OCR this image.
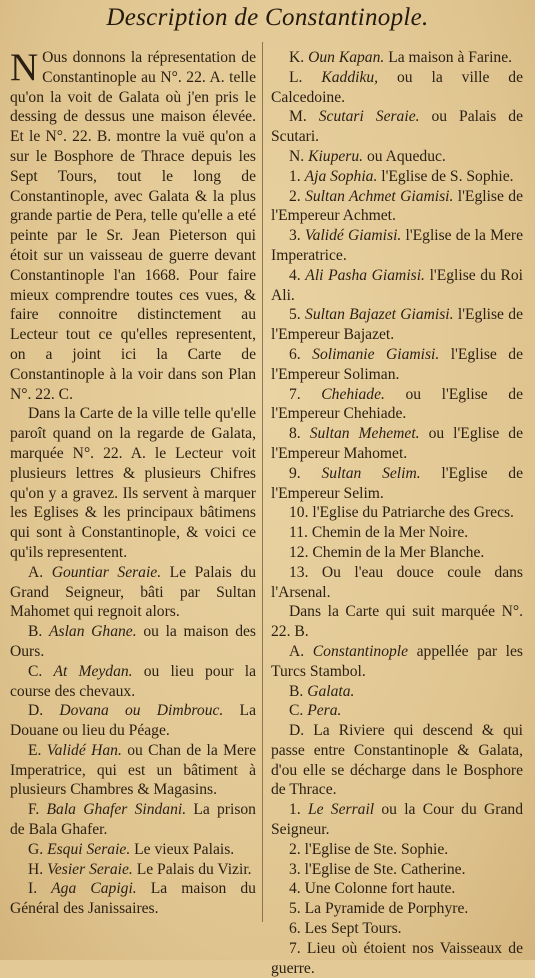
Description de Constantinople.

N Ous donnons la répresentation de Constantinople au N°. 22. A. telle qu'on la voit de Galata où j'en pris le dessing de dessus une maison élevée. Et le N°. 22. B. montre la vuë qu'on a sur le Bosphore de Thrace depuis les Sept Tours, tout le long de Constantinople, avec Galata & la plus grande partie de Pera, telle qu'elle a eté peinte par le Sr. Jean Pieterson qui étoit sur un vaisseau de guerre devant Constantinople l'an 1668. Pour faire mieux comprendre toutes ces vues, & faire connoitre distinctement au Lecteur tout ce qu'elles representent, on a joint ici la Carte de Constantinople à la voir dans son Plan N°. 22. C.

Dans la Carte de la ville telle qu'elle paroît quand on la regarde de Galata, marquée N°. 22. A. le Lecteur voit plusieurs lettres & plusieurs Chifres qu'on y a gravez. Ils servent à marquer les Eglises & les principaux bâtimens qui sont à Constantinople, & voici ce qu'ils representent.

A. Gountiar Seraie. Le Palais du Grand Seigneur, bâti par Sultan Mahomet qui regnoit alors.

B. Aslan Ghane. ou la maison des Ours.

C. At Meydan. ou lieu pour la course des chevaux.

D. Dovana ou Dimbrouc. La Douane ou lieu du Péage.

E. Validé Han. ou Chan de la Mere Imperatrice, qui est un bâtiment à plusieurs Chambres & Magasins.

F. Bala Ghafer Sindani. La prison de Bala Ghafer.

G. Esqui Seraie. Le vieux Palais.

H. Vesier Seraie. Le Palais du Vizir.

I. Aga Capigi. La maison du Général des Janissaires.

K. Oun Kapan. La maison à Farine.

L. Kaddiku, ou la ville de Calcedoine.

M. Scutari Seraie. ou Palais de Scutari.

N. Kiuperu. ou Aqueduc.

1. Aja Sophia. l'Eglise de S. Sophie.

2. Sultan Achmet Giamisi. l'Eglise de l'Empereur Achmet.

3. Validé Giamisi. l'Eglise de la Mere Imperatrice.

4. Ali Pasha Giamisi. l'Eglise du Roi Ali.

5. Sultan Bajazet Giamisi. l'Eglise de l'Empereur Bajazet.

6. Solimanie Giamisi. l'Eglise de l'Empereur Soliman.

7. Chehiade. ou l'Eglise de l'Empereur Chehiade.

8. Sultan Mehemet. ou l'Eglise de l'Empereur Mahomet.

9. Sultan Selim. l'Eglise de l'Empereur Selim.

10. l'Eglise du Patriarche des Grecs.

11. Chemin de la Mer Noire.

12. Chemin de la Mer Blanche.

13. Ou l'eau douce coule dans l'Arsenal.

Dans la Carte qui suit marquée N°. 22. B.

A. Constantinople appellée par les Turcs Stambol.

B. Galata.

C. Pera.

D. La Riviere qui descend & qui passe entre Constantinople & Galata, d'ou elle se décharge dans le Bosphore de Thrace.

1. Le Serrail ou la Cour du Grand Seigneur.

2. l'Eglise de Ste. Sophie.

3. l'Eglise de Ste. Catherine.

4. Une Colonne fort haute.

5. La Pyramide de Porphyre.

6. Les Sept Tours.

7. Lieu où étoient nos Vaisseaux de guerre.
